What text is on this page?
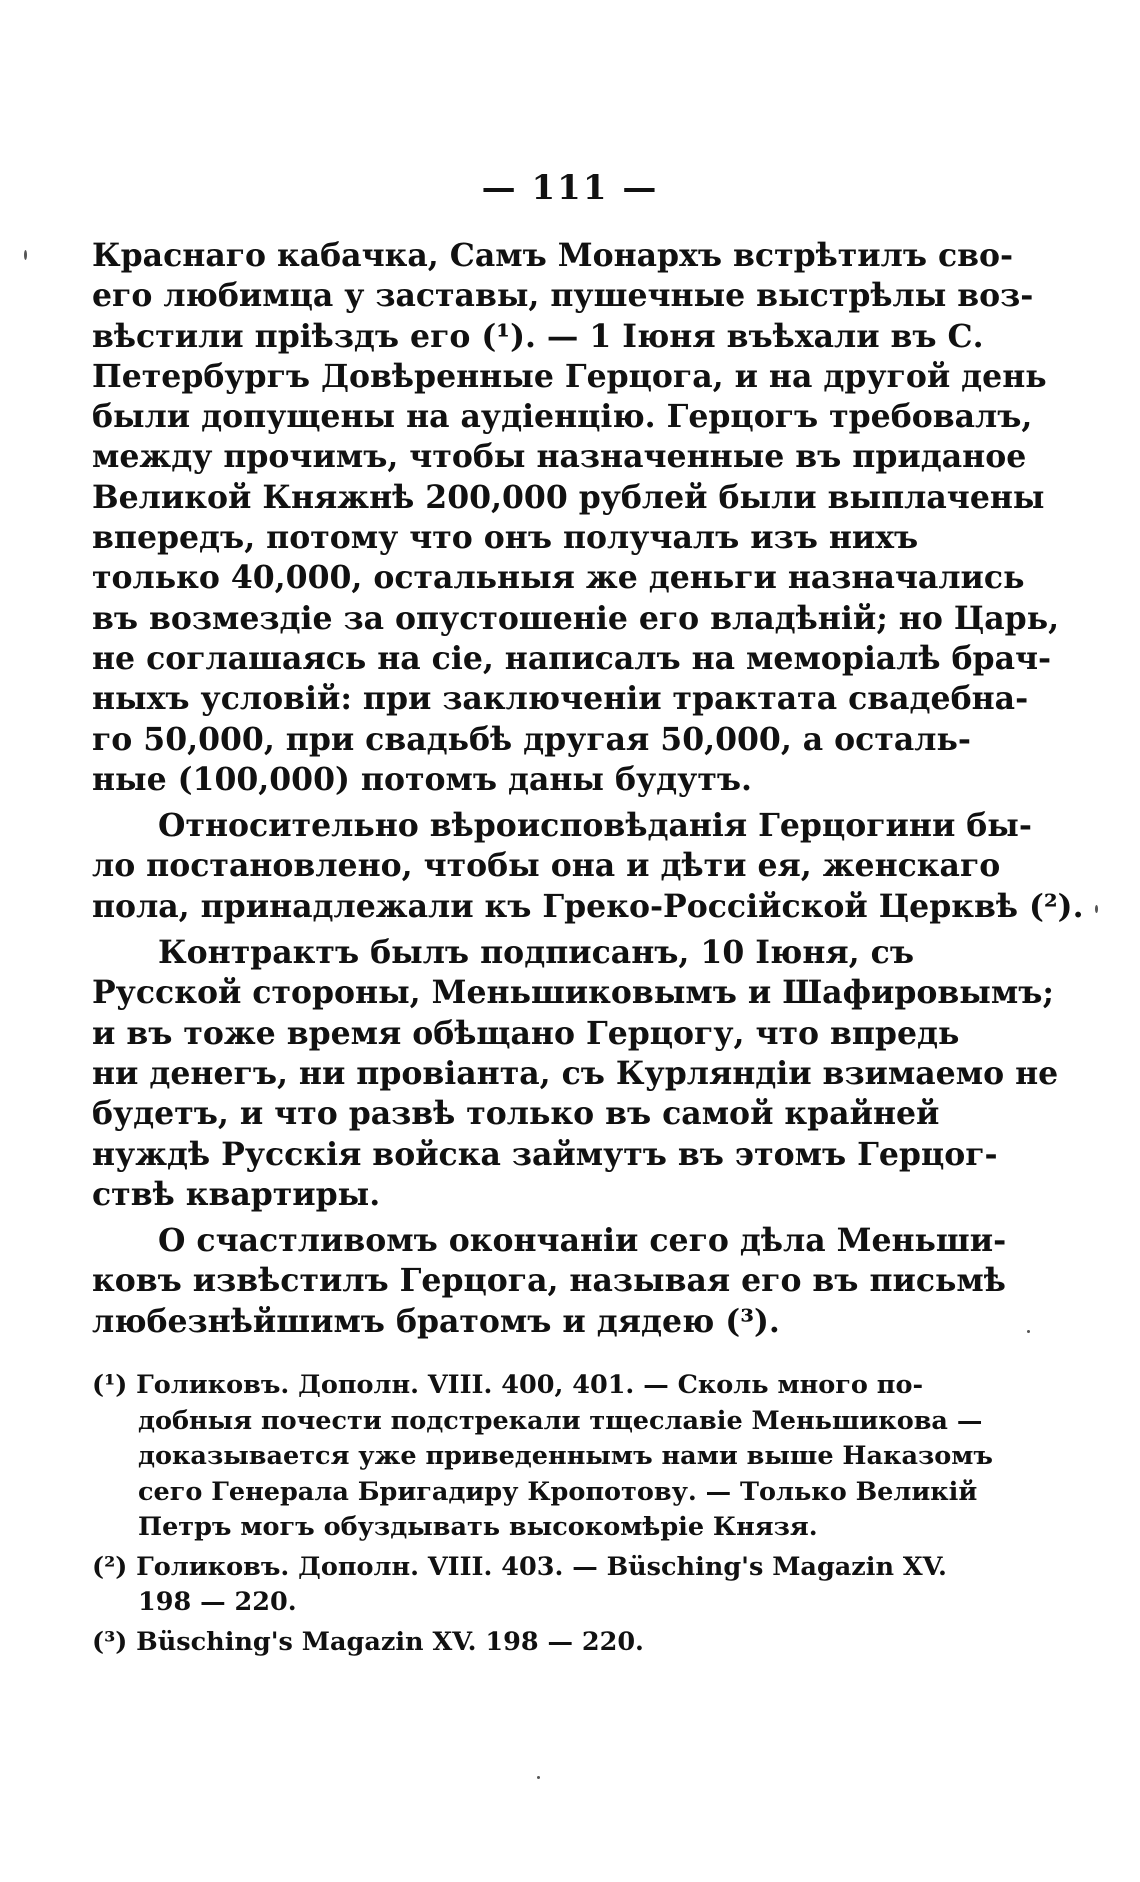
— 111 —
Краснаго кабачка, Самъ Монархъ встрѣтилъ сво-
его любимца у заставы, пушечные выстрѣлы воз-
вѣстили пріѣздъ его (¹). — 1 Іюня въѣхали въ С.
Петербургъ Довѣренные Герцога, и на другой день
были допущены на аудіенцію. Герцогъ требовалъ,
между прочимъ, чтобы назначенные въ приданое
Великой Княжнѣ 200,000 рублей были выплачены
впередъ, потому что онъ получалъ изъ нихъ
только 40,000, остальныя же деньги назначались
въ возмездіе за опустошеніе его владѣній; но Царь,
не соглашаясь на сіе, написалъ на меморіалѣ брач-
ныхъ условій: при заключеніи трактата свадебна-
го 50,000, при свадьбѣ другая 50,000, а осталь-
ные (100,000) потомъ даны будутъ.
Относительно вѣроисповѣданія Герцогини бы-
ло постановлено, чтобы она и дѣти ея, женскаго
пола, принадлежали къ Греко-Россійской Церквѣ (²).
Контрактъ былъ подписанъ, 10 Іюня, съ
Русской стороны, Меньшиковымъ и Шафировымъ;
и въ тоже время обѣщано Герцогу, что впредь
ни денегъ, ни провіанта, съ Курляндіи взимаемо не
будетъ, и что развѣ только въ самой крайней
нуждѣ Русскія войска займутъ въ этомъ Герцог-
ствѣ квартиры.
О счастливомъ окончаніи сего дѣла Меньши-
ковъ извѣстилъ Герцога, называя его въ письмѣ
любезнѣйшимъ братомъ и дядею (³).
(¹) Голиковъ. Дополн. VIII. 400, 401. — Сколь много по-
добныя почести подстрекали тщеславіе Меньшикова —
доказывается уже приведеннымъ нами выше Наказомъ
сего Генерала Бригадиру Кропотову. — Только Великій
Петръ могъ обуздывать высокомѣріе Князя.
(²) Голиковъ. Дополн. VIII. 403. — Büsching's Magazin XV.
198 — 220.
(³) Büsching's Magazin XV. 198 — 220.
